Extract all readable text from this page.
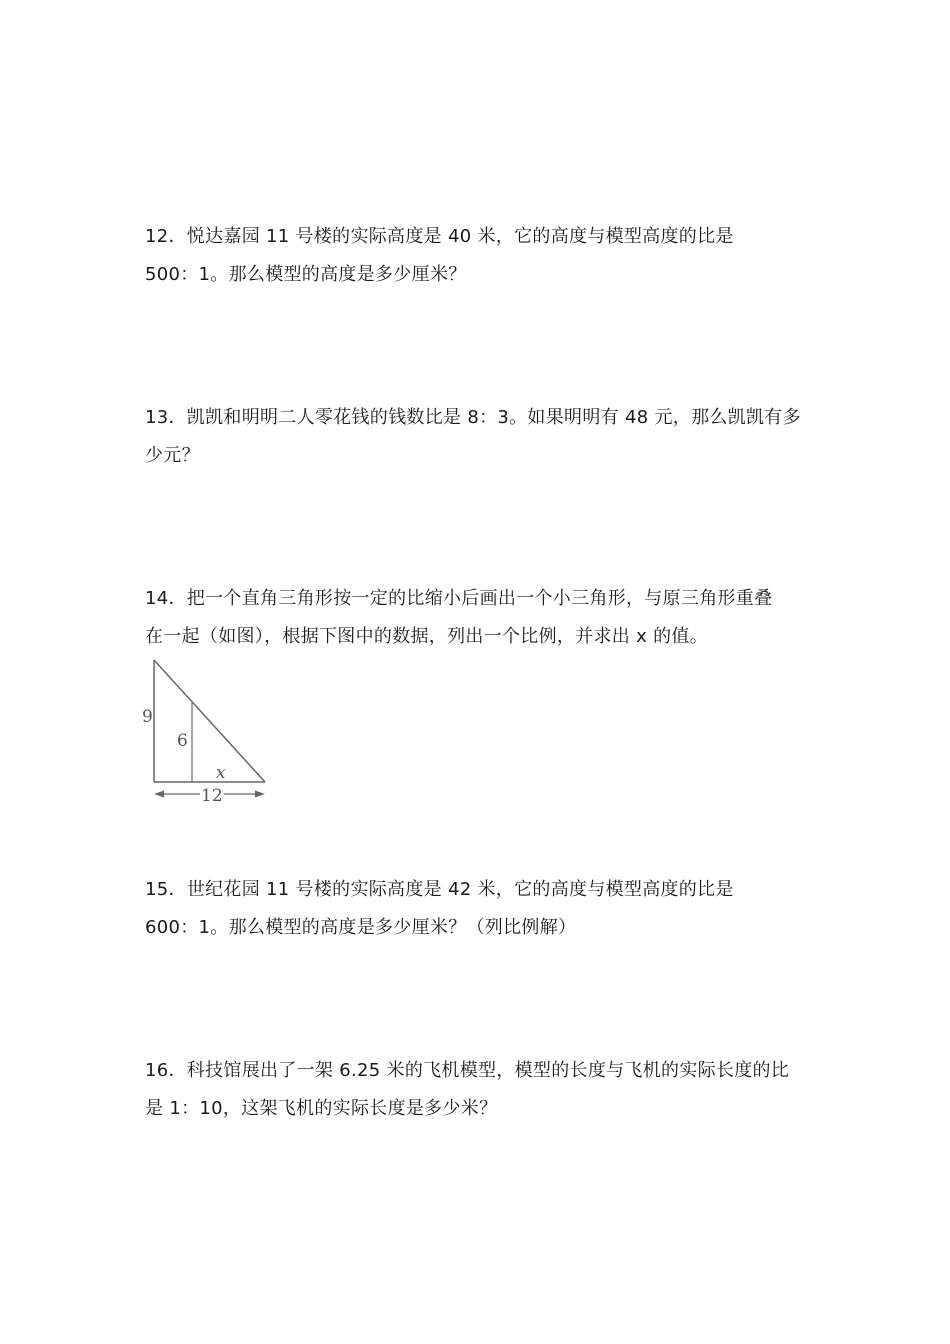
12．悦达嘉园 11 号楼的实际高度是 40 米，它的高度与模型高度的比是

500：1。那么模型的高度是多少厘米？

13．凯凯和明明二人零花钱的钱数比是 8：3。如果明明有 48 元，那么凯凯有多

少元？

14．把一个直角三角形按一定的比缩小后画出一个小三角形，与原三角形重叠

在一起（如图），根据下图中的数据，列出一个比例，并求出 x 的值。

9
6
x
12

15．世纪花园 11 号楼的实际高度是 42 米，它的高度与模型高度的比是

600：1。那么模型的高度是多少厘米？（列比例解）

16．科技馆展出了一架 6.25 米的飞机模型，模型的长度与飞机的实际长度的比

是 1：10，这架飞机的实际长度是多少米？
